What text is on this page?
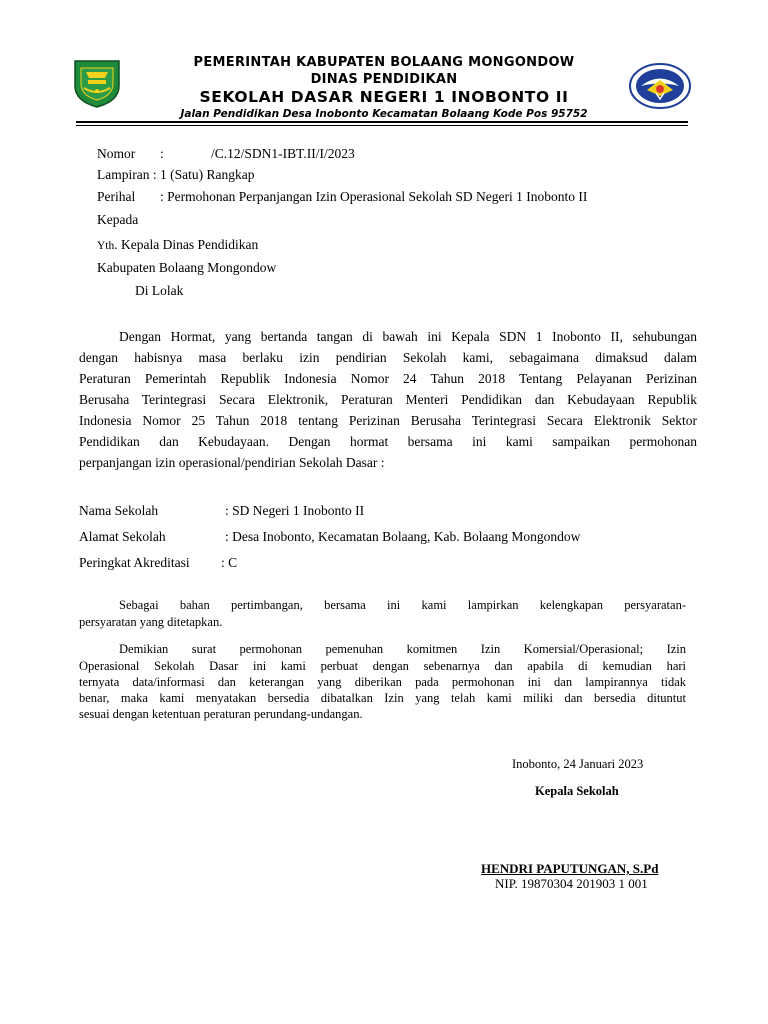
PEMERINTAH KABUPATEN BOLAANG MONGONDOW
DINAS PENDIDIKAN
SEKOLAH DASAR NEGERI 1 INOBONTO II
Jalan Pendidikan Desa Inobonto Kecamatan Bolaang Kode Pos 95752
Nomor :	/C.12/SDN1-IBT.II/I/2023
Lampiran : 1 (Satu) Rangkap
Perihal : Permohonan Perpanjangan Izin Operasional Sekolah SD Negeri 1 Inobonto II
Kepada
Yth. Kepala Dinas Pendidikan
Kabupaten Bolaang Mongondow
Di Lolak
Dengan Hormat, yang bertanda tangan di bawah ini Kepala SDN 1 Inobonto II, sehubungan
dengan habisnya masa berlaku izin pendirian Sekolah kami, sebagaimana dimaksud dalam
Peraturan Pemerintah Republik Indonesia Nomor 24 Tahun 2018 Tentang Pelayanan Perizinan
Berusaha Terintegrasi Secara Elektronik, Peraturan Menteri Pendidikan dan Kebudayaan Republik
Indonesia Nomor 25 Tahun 2018 tentang Perizinan Berusaha Terintegrasi Secara Elektronik Sektor
Pendidikan dan Kebudayaan. Dengan hormat bersama ini kami sampaikan permohonan
perpanjangan izin operasional/pendirian Sekolah Dasar :
Nama Sekolah	: SD Negeri 1 Inobonto II
Alamat Sekolah	: Desa Inobonto, Kecamatan Bolaang, Kab. Bolaang Mongondow
Peringkat Akreditasi : C
Sebagai bahan pertimbangan, bersama ini kami lampirkan kelengkapan persyaratan-
persyaratan yang ditetapkan.
Demikian surat permohonan pemenuhan komitmen Izin Komersial/Operasional; Izin
Operasional Sekolah Dasar ini kami perbuat dengan sebenarnya dan apabila di kemudian hari
ternyata data/informasi dan keterangan yang diberikan pada permohonan ini dan lampirannya tidak
benar, maka kami menyatakan bersedia dibatalkan Izin yang telah kami miliki dan bersedia dituntut
sesuai dengan ketentuan peraturan perundang-undangan.
Inobonto, 24 Januari 2023
Kepala Sekolah
HENDRI PAPUTUNGAN, S.Pd
NIP. 19870304 201903 1 001
